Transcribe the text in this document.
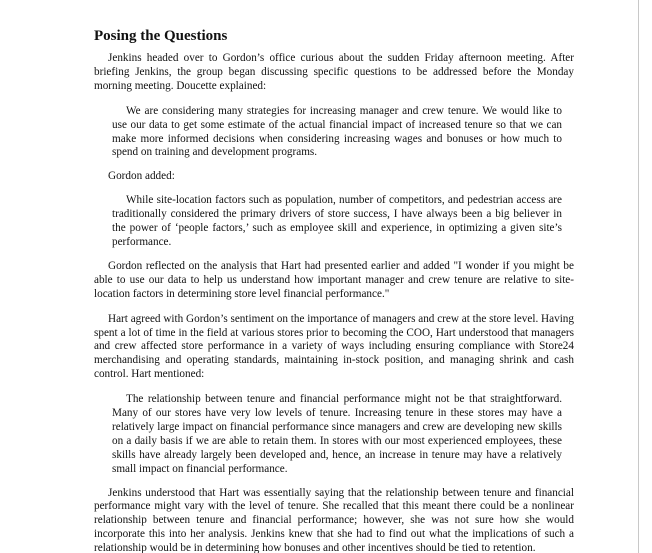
Posing the Questions

Jenkins headed over to Gordon’s office curious about the sudden Friday afternoon meeting. After briefing Jenkins, the group began discussing specific questions to be addressed before the Monday morning meeting. Doucette explained:

We are considering many strategies for increasing manager and crew tenure. We would like to use our data to get some estimate of the actual financial impact of increased tenure so that we can make more informed decisions when considering increasing wages and bonuses or how much to spend on training and development programs.

Gordon added:

While site-location factors such as population, number of competitors, and pedestrian access are traditionally considered the primary drivers of store success, I have always been a big believer in the power of ‘people factors,’ such as employee skill and experience, in optimizing a given site’s performance.

Gordon reflected on the analysis that Hart had presented earlier and added "I wonder if you might be able to use our data to help us understand how important manager and crew tenure are relative to site-location factors in determining store level financial performance."

Hart agreed with Gordon’s sentiment on the importance of managers and crew at the store level. Having spent a lot of time in the field at various stores prior to becoming the COO, Hart understood that managers and crew affected store performance in a variety of ways including ensuring compliance with Store24 merchandising and operating standards, maintaining in-stock position, and managing shrink and cash control. Hart mentioned:

The relationship between tenure and financial performance might not be that straightforward. Many of our stores have very low levels of tenure. Increasing tenure in these stores may have a relatively large impact on financial performance since managers and crew are developing new skills on a daily basis if we are able to retain them. In stores with our most experienced employees, these skills have already largely been developed and, hence, an increase in tenure may have a relatively small impact on financial performance.

Jenkins understood that Hart was essentially saying that the relationship between tenure and financial performance might vary with the level of tenure. She recalled that this meant there could be a nonlinear relationship between tenure and financial performance; however, she was not sure how she would incorporate this into her analysis. Jenkins knew that she had to find out what the implications of such a relationship would be in determining how bonuses and other incentives should be tied to retention.
